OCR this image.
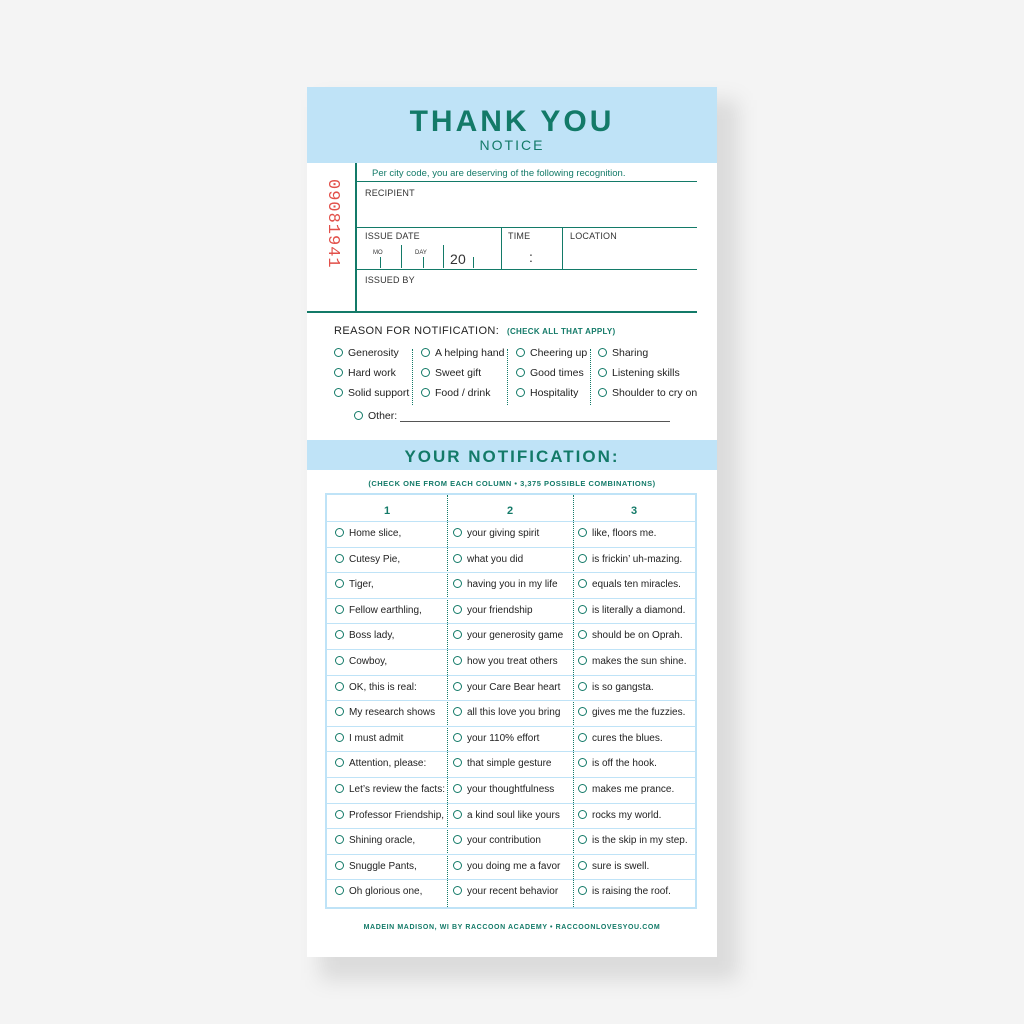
THANK YOU
NOTICE
09081941
Per city code, you are deserving of the following recognition.
RECIPIENT
ISSUE DATE
MO	DAY 20
TIME
:
LOCATION
ISSUED BY
REASON FOR NOTIFICATION: (CHECK ALL THAT APPLY)
Generosity
Hard work
Solid support
A helping hand
Sweet gift
Food / drink
Cheering up
Good times
Hospitality
Sharing
Listening skills
Shoulder to cry on
Other:
YOUR NOTIFICATION:
(CHECK ONE FROM EACH COLUMN • 3,375 POSSIBLE COMBINATIONS)
1	2	3
Home slice,	your giving spirit	like, floors me.
Cutesy Pie,	what you did	is frickin’ uh-mazing.
Tiger,	having you in my life	equals ten miracles.
Fellow earthling,	your friendship	is literally a diamond.
Boss lady,	your generosity game	should be on Oprah.
Cowboy,	how you treat others	makes the sun shine.
OK, this is real:	your Care Bear heart	is so gangsta.
My research shows	all this love you bring	gives me the fuzzies.
I must admit	your 110% effort	cures the blues.
Attention, please:	that simple gesture	is off the hook.
Let’s review the facts:	your thoughtfulness	makes me prance.
Professor Friendship,	a kind soul like yours	rocks my world.
Shining oracle,	your contribution	is the skip in my step.
Snuggle Pants,	you doing me a favor	sure is swell.
Oh glorious one,	your recent behavior	is raising the roof.
MADEIN MADISON, WI BY RACCOON ACADEMY • RACCOONLOVESYOU.COM
